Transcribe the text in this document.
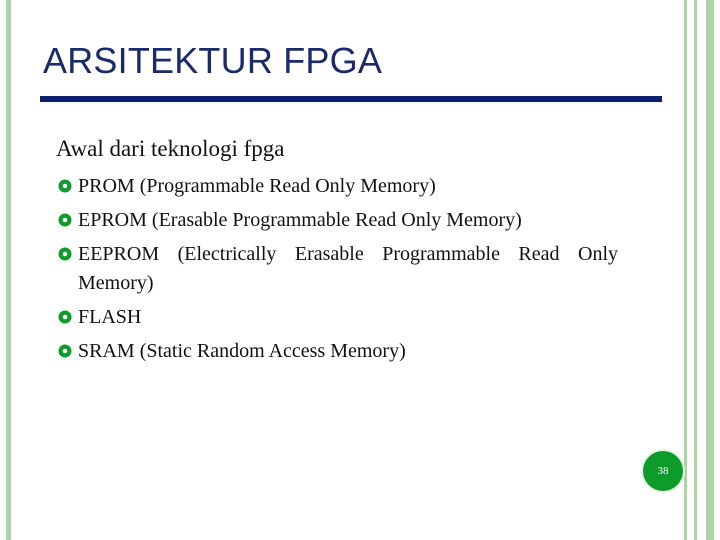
ARSITEKTUR FPGA
Awal dari teknologi fpga
PROM (Programmable Read Only Memory)
EPROM (Erasable Programmable Read Only Memory)
EEPROM (Electrically Erasable Programmable Read Only Memory)
FLASH
SRAM (Static Random Access Memory)
38
